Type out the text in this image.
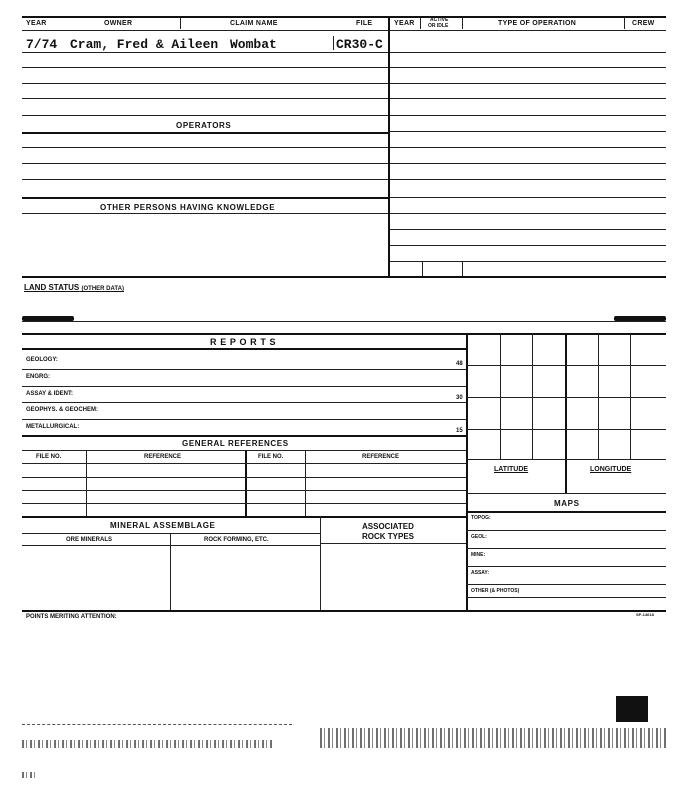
YEAR	OWNER	CLAIM NAME	FILE	YEAR	ACTIVE
OR IDLE	TYPE OF OPERATION	CREW
7/74 Cram, Fred & Aileen Wombat	CR30-C
OPERATORS
OTHER PERSONS HAVING KNOWLEDGE
LAND STATUS (OTHER DATA)
R E P O R T S
GEOLOGY:
48
ENGRG:
ASSAY & IDENT:
30
GEOPHYS. & GEOCHEM:
METALLURGICAL:
15
GENERAL REFERENCES
FILE NO.	REFERENCE	FILE NO.	REFERENCE
MINERAL ASSEMBLAGE
ORE MINERALS	ROCK FORMING, ETC.
ASSOCIATED
ROCK TYPES
LATITUDE	LONGITUDE
MAPS
TOPOG:
GEOL:
MINE:
ASSAY:
OTHER (& PHOTOS)
POINTS MERITING ATTENTION:	SP-14618
